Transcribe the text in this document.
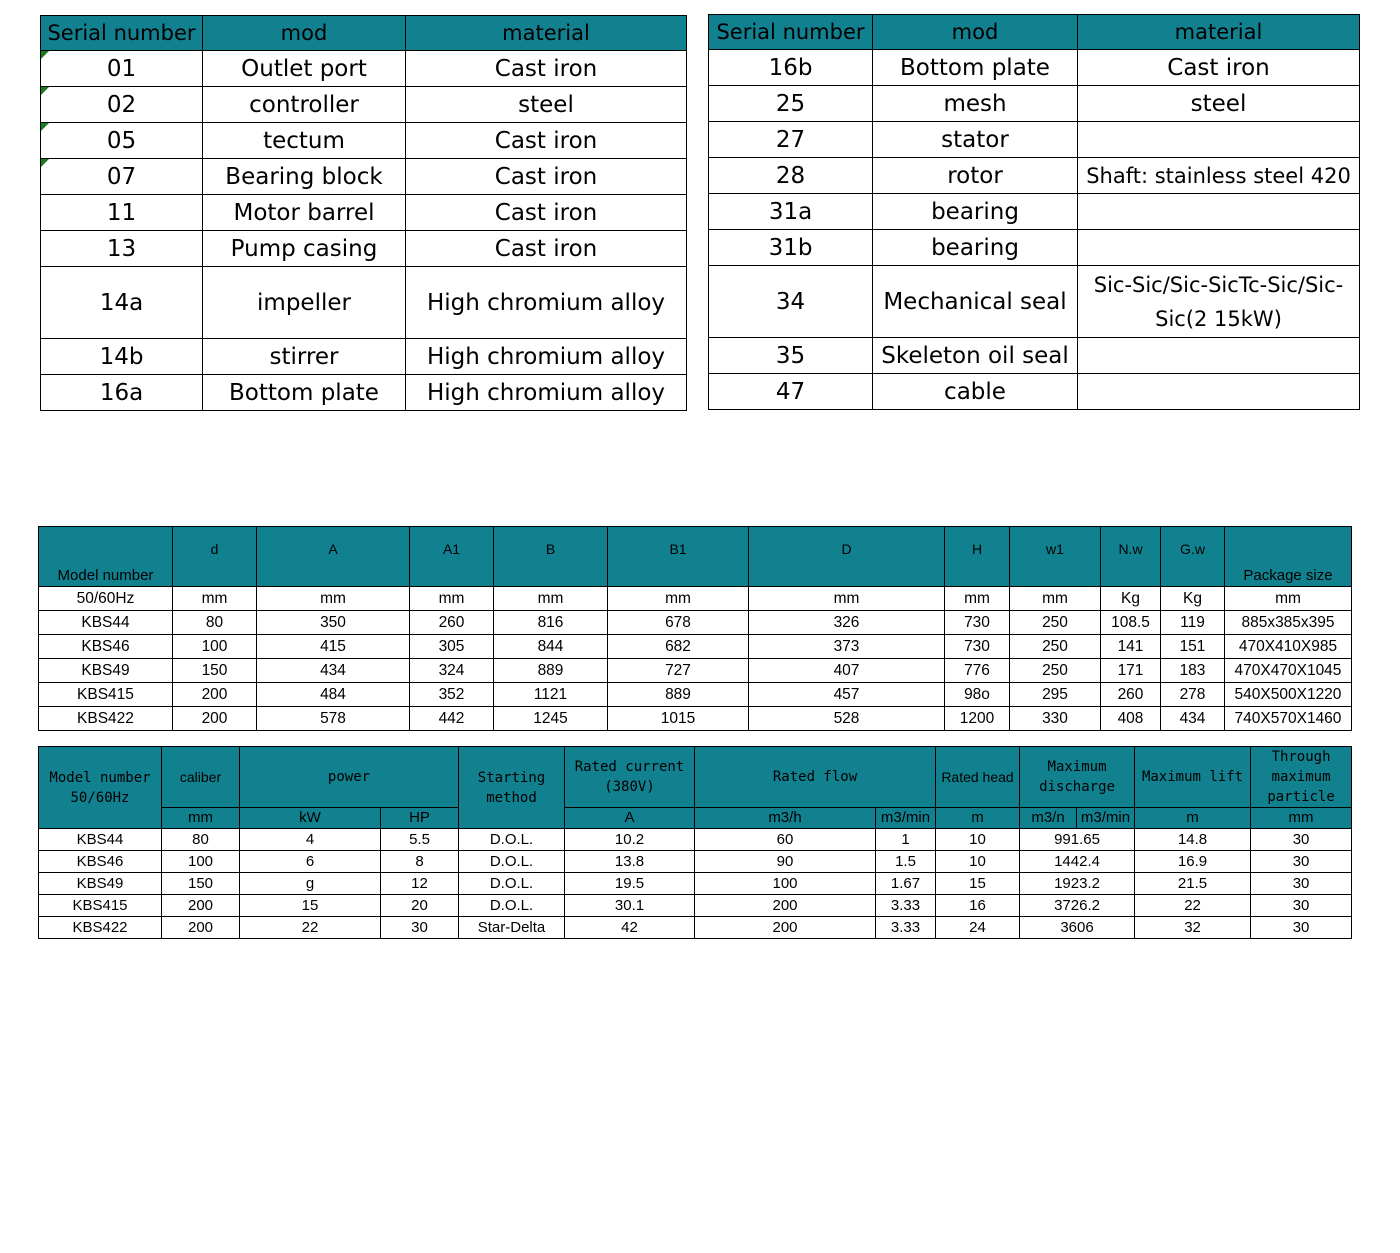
Serial number	mod	material
01	Outlet port	Cast iron
02	controller	steel
05	tectum	Cast iron
07	Bearing block	Cast iron
11	Motor barrel	Cast iron
13	Pump casing	Cast iron
14a	impeller	High chromium alloy
14b	stirrer	High chromium alloy
16a	Bottom plate	High chromium alloy
Serial number	mod	material
16b	Bottom plate	Cast iron
25	mesh	steel
27	stator	
28	rotor	Shaft: stainless steel 420
31a	bearing	
31b	bearing	
34	Mechanical seal	Sic-Sic/Sic-SicTc-Sic/Sic-Sic(2 15kW)
35	Skeleton oil seal	
47	cable	
Model number	d	A	A1	B	B1	D	H	w1	N.w	G.w	Package size
50/60Hz	mm	mm	mm	mm	mm	mm	mm	mm	Kg	Kg	mm
KBS44	80	350	260	816	678	326	730	250	108.5	119	885x385x395
KBS46	100	415	305	844	682	373	730	250	141	151	470X410X985
KBS49	150	434	324	889	727	407	776	250	171	183	470X470X1045
KBS415	200	484	352	1121	889	457	98o	295	260	278	540X500X1220
KBS422	200	578	442	1245	1015	528	1200	330	408	434	740X570X1460
Model number 50/60Hz	caliber	power		Starting method	Rated current (380V)	Rated flow		Rated head	Maximum discharge		Maximum lift	Through maximum particle
	mm	kW	HP		A	m3/h	m3/min	m	m3/n	m3/min	m	mm
KBS44	80	4	5.5	D.O.L.	10.2	60	1	10	991.65		14.8	30
KBS46	100	6	8	D.O.L.	13.8	90	1.5	10	1442.4		16.9	30
KBS49	150	g	12	D.O.L.	19.5	100	1.67	15	1923.2		21.5	30
KBS415	200	15	20	D.O.L.	30.1	200	3.33	16	3726.2		22	30
KBS422	200	22	30	Star-Delta	42	200	3.33	24	3606		32	30
